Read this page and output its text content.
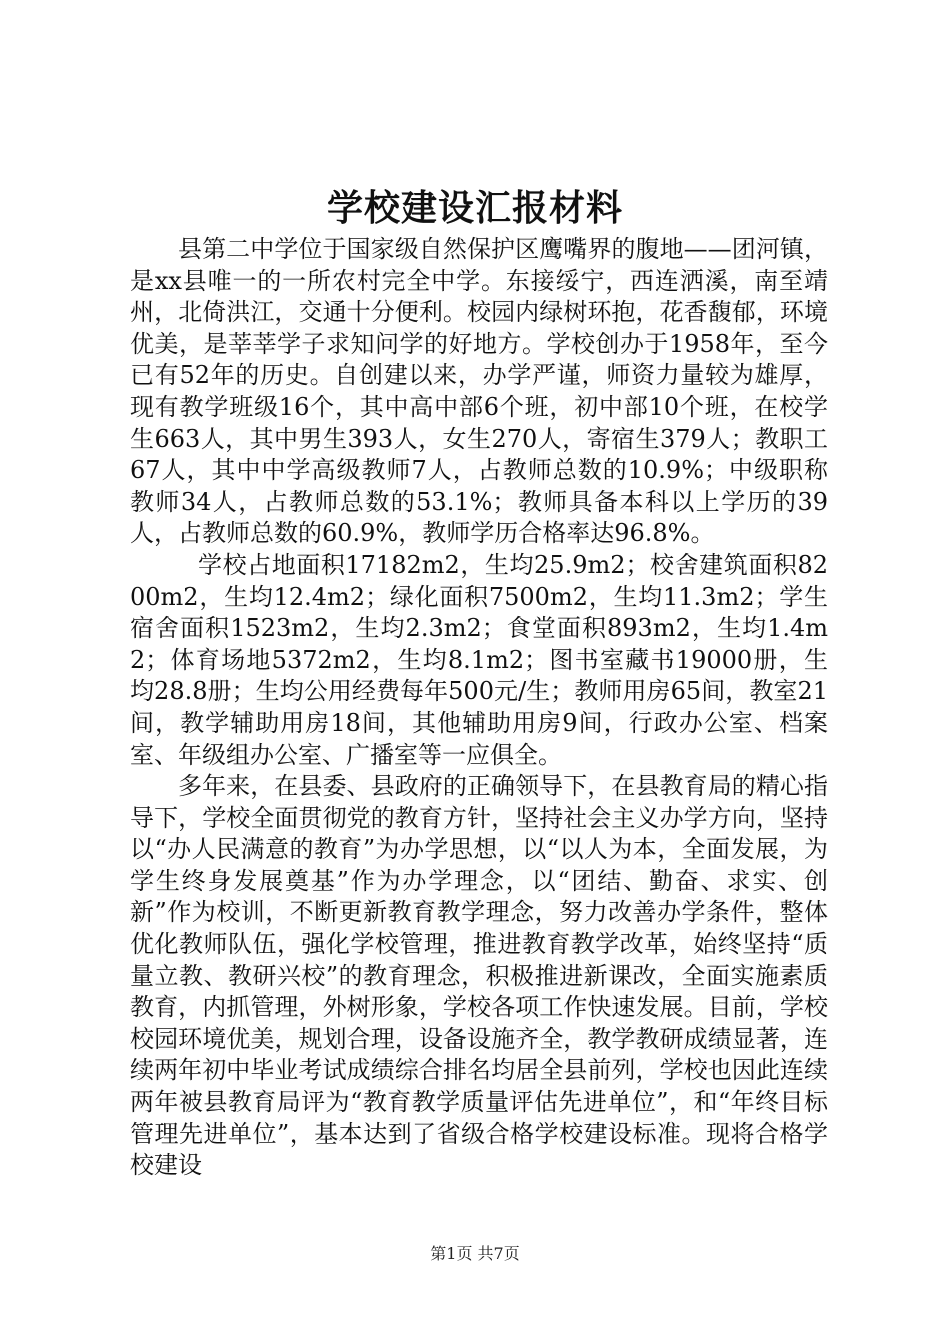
学校建设汇报材料

县第二中学位于国家级自然保护区鹰嘴界的腹地——团河镇，是xx县唯一的一所农村完全中学。东接绥宁，西连洒溪，南至靖州，北倚洪江，交通十分便利。校园内绿树环抱，花香馥郁，环境优美，是莘莘学子求知问学的好地方。学校创办于1958年，至今已有52年的历史。自创建以来，办学严谨，师资力量较为雄厚，现有教学班级16个，其中高中部6个班，初中部10个班，在校学生663人，其中男生393人，女生270人，寄宿生379人；教职工67人，其中中学高级教师7人，占教师总数的10.9%；中级职称教师34人，占教师总数的53.1%；教师具备本科以上学历的39人，占教师总数的60.9%，教师学历合格率达96.8%。

学校占地面积17182m2，生均25.9m2；校舍建筑面积8200m2，生均12.4m2；绿化面积7500m2，生均11.3m2；学生宿舍面积1523m2，生均2.3m2；食堂面积893m2，生均1.4m2；体育场地5372m2，生均8.1m2；图书室藏书19000册，生均28.8册；生均公用经费每年500元/生；教师用房65间，教室21间，教学辅助用房18间，其他辅助用房9间，行政办公室、档案室、年级组办公室、广播室等一应俱全。

多年来，在县委、县政府的正确领导下，在县教育局的精心指导下，学校全面贯彻党的教育方针，坚持社会主义办学方向，坚持以“办人民满意的教育”为办学思想，以“以人为本，全面发展，为学生终身发展奠基”作为办学理念，以“团结、勤奋、求实、创新”作为校训，不断更新教育教学理念，努力改善办学条件，整体优化教师队伍，强化学校管理，推进教育教学改革，始终坚持“质量立教、教研兴校”的教育理念，积极推进新课改，全面实施素质教育，内抓管理，外树形象，学校各项工作快速发展。目前，学校校园环境优美，规划合理，设备设施齐全，教学教研成绩显著，连续两年初中毕业考试成绩综合排名均居全县前列，学校也因此连续两年被县教育局评为“教育教学质量评估先进单位”，和“年终目标管理先进单位”，基本达到了省级合格学校建设标准。现将合格学校建设

第1页 共7页
